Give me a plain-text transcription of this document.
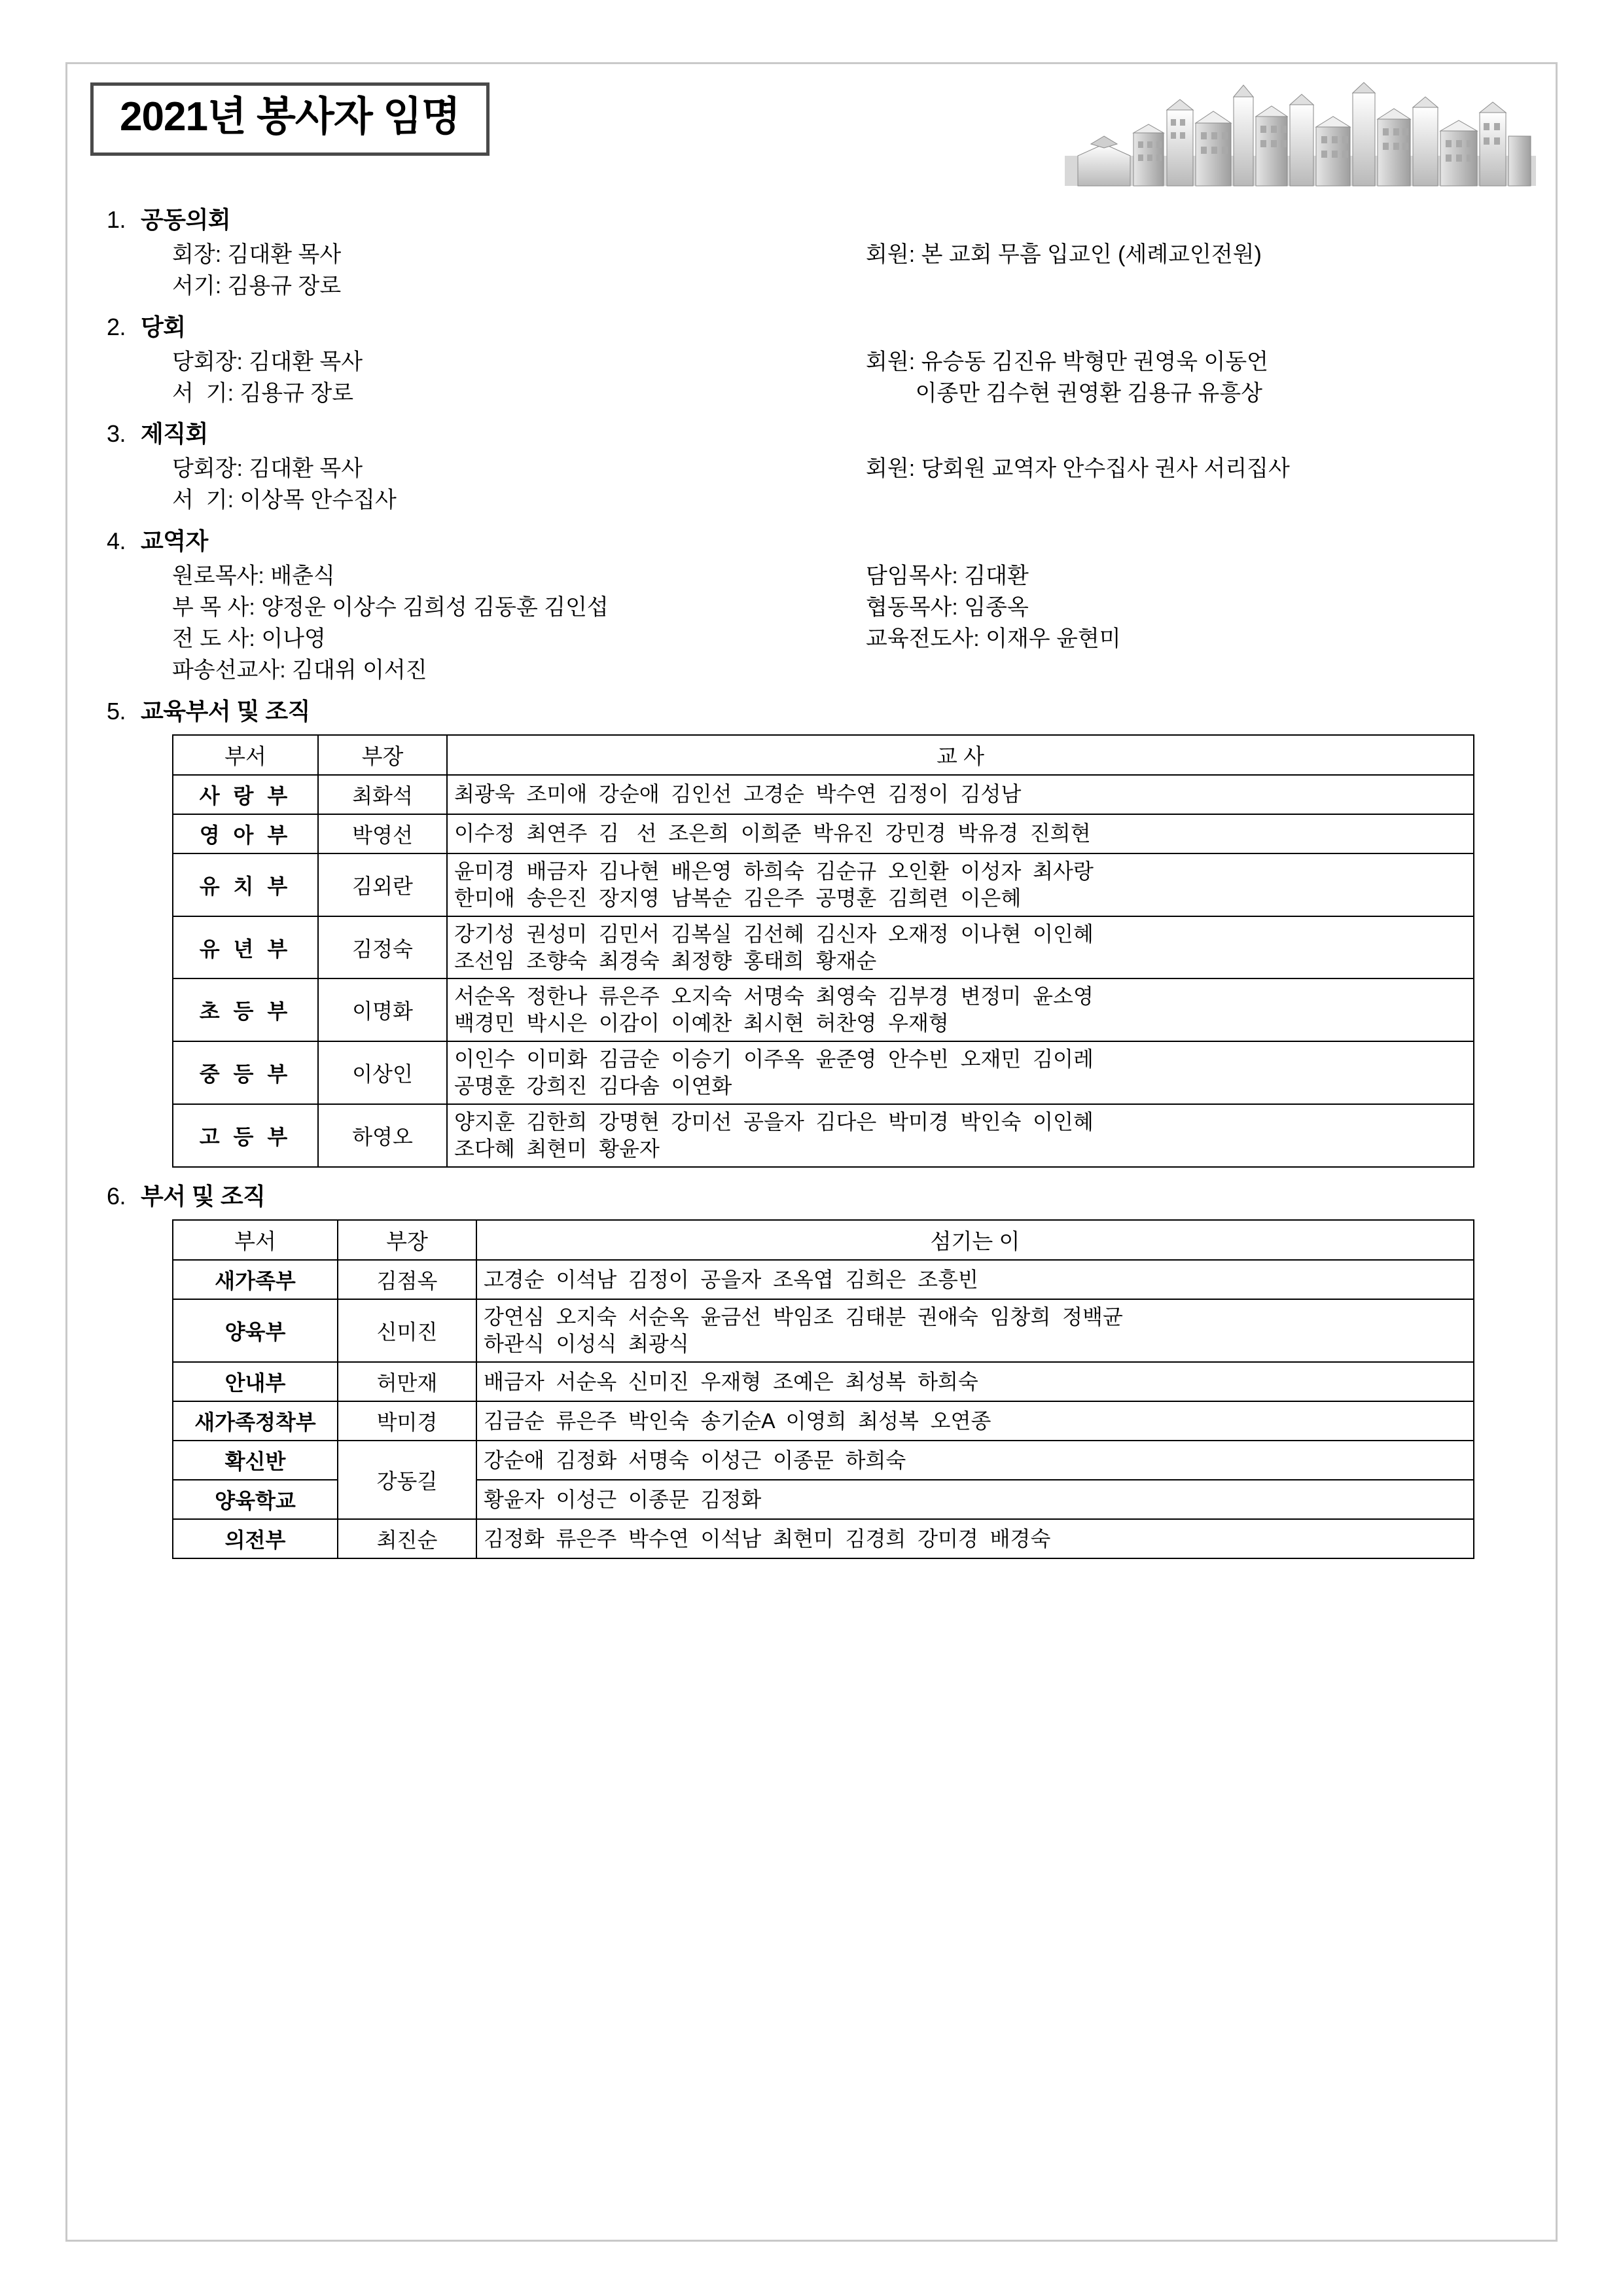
2021년 봉사자 임명
1. 공동의회
회장: 김대환 목사
서기: 김용규 장로
회원: 본 교회 무흠 입교인 (세례교인전원)
2. 당회
당회장: 김대환 목사
서  기: 김용규 장로
회원: 유승동 김진유 박형만 권영욱 이동언
이종만 김수현 권영환 김용규 유흥상
3. 제직회
당회장: 김대환 목사
서  기: 이상목 안수집사
회원: 당회원 교역자 안수집사 권사 서리집사
4. 교역자
원로목사: 배춘식
부 목 사: 양정운 이상수 김희성 김동훈 김인섭
전 도 사: 이나영
파송선교사: 김대위 이서진
담임목사: 김대환
협동목사: 임종옥
교육전도사: 이재우 윤현미
5. 교육부서 및 조직
부서	부장	교 사
사 랑 부	최화석	최광욱  조미애  강순애  김인선  고경순  박수연  김정이  김성남

영 아 부	박영선	이수정  최연주  김   선  조은희  이희준  박유진  강민경  박유경  진희현

유 치 부	김외란	윤미경  배금자  김나현  배은영  하희숙  김순규  오인환  이성자  최사랑
한미애  송은진  장지영  남복순  김은주  공명훈  김희련  이은혜

유 년 부	김정숙	강기성  권성미  김민서  김복실  김선혜  김신자  오재정  이나현  이인혜
조선임  조향숙  최경숙  최정향  홍태희  황재순

초 등 부	이명화	서순옥  정한나  류은주  오지숙  서명숙  최영숙  김부경  변정미  윤소영
백경민  박시은  이감이  이예찬  최시현  허찬영  우재형

중 등 부	이상인	이인수  이미화  김금순  이승기  이주옥  윤준영  안수빈  오재민  김이레
공명훈  강희진  김다솜  이연화

고 등 부	하영오	양지훈  김한희  강명현  강미선  공을자  김다은  박미경  박인숙  이인혜
조다혜  최현미  황윤자
6. 부서 및 조직
부서	부장	섬기는 이
새가족부	김점옥	고경순  이석남  김정이  공을자  조옥엽  김희은  조흥빈

양육부	신미진	강연심  오지숙  서순옥  윤금선  박임조  김태분  권애숙  임창희  정백균
하관식  이성식  최광식

안내부	허만재	배금자  서순옥  신미진  우재형  조예은  최성복  하희숙

새가족정착부	박미경	김금순  류은주  박인숙  송기순A  이영희  최성복  오연종

확신반	강동길	강순애  김정화  서명숙  이성근  이종문  하희숙

양육학교		황윤자  이성근  이종문  김정화

의전부	최진순	김정화  류은주  박수연  이석남  최현미  김경희  강미경  배경숙
